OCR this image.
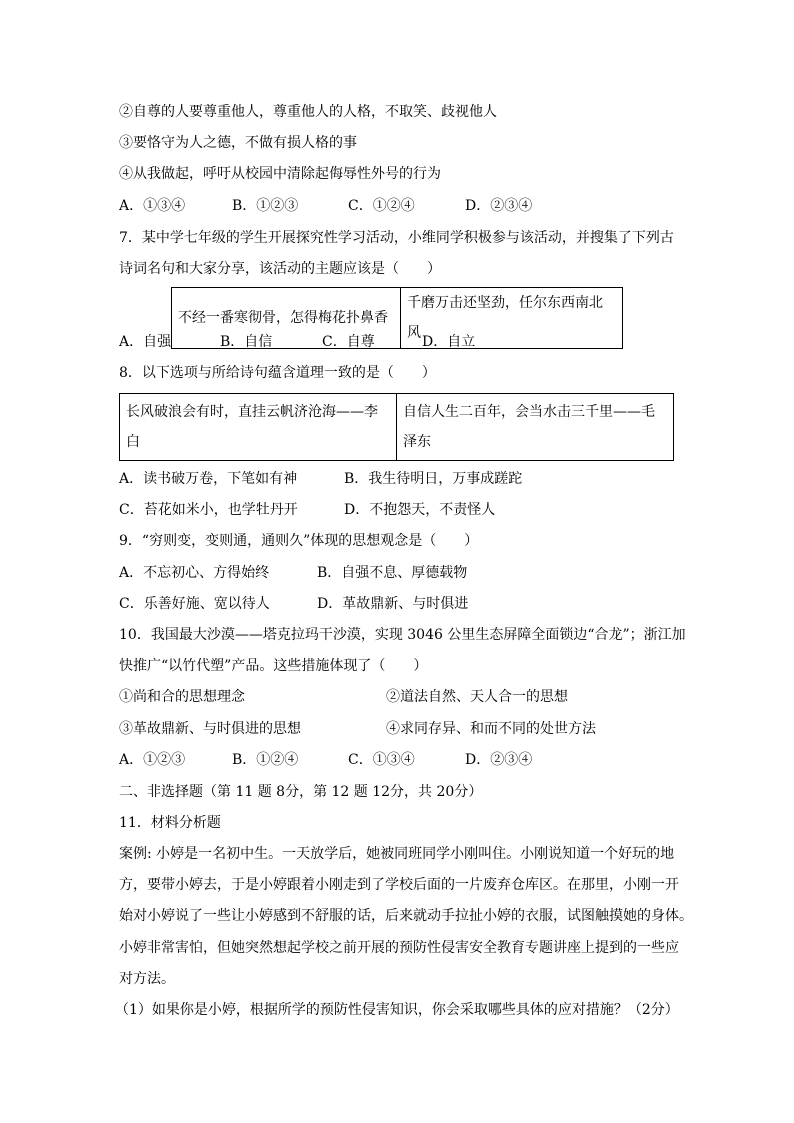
②自尊的人要尊重他人，尊重他人的人格，不取笑、歧视他人
③要恪守为人之德，不做有损人格的事
④从我做起，呼吁从校园中清除起侮辱性外号的行为
A．①③④	B．①②③	C．①②④	D．②③④
7．某中学七年级的学生开展探究性学习活动，小维同学积极参与该活动，并搜集了下列古
诗词名句和大家分享，该活动的主题应该是（　　）
不经一番寒彻骨，怎得梅花扑鼻香	千磨万击还坚劲，任尔东西南北风
A．自强	B．自信	C．自尊	D．自立
8．以下选项与所给诗句蕴含道理一致的是（　　）
长风破浪会有时，直挂云帆济沧海——李
白

自信人生二百年，会当水击三千里——毛
泽东
A．读书破万卷，下笔如有神	B．我生待明日，万事成蹉跎
C．苔花如米小，也学牡丹开	D．不抱怨天，不责怪人
9．“穷则变，变则通，通则久”体现的思想观念是（　　）
A．不忘初心、方得始终	B．自强不息、厚德载物
C．乐善好施、宽以待人	D．革故鼎新、与时俱进
10．我国最大沙漠——塔克拉玛干沙漠，实现 3046 公里生态屏障全面锁边“合龙”；浙江加
快推广“以竹代塑”产品。这些措施体现了（　　）
①尚和合的思想理念	②道法自然、天人合一的思想
③革故鼎新、与时俱进的思想	④求同存异、和而不同的处世方法
A．①②③	B．①②④	C．①③④	D．②③④
二、非选择题（第 11 题 8分，第 12 题 12分，共 20分）
11．材料分析题
案例: 小婷是一名初中生。一天放学后，她被同班同学小刚叫住。小刚说知道一个好玩的地
方，要带小婷去，于是小婷跟着小刚走到了学校后面的一片废弃仓库区。在那里，小刚一开
始对小婷说了一些让小婷感到不舒服的话，后来就动手拉扯小婷的衣服，试图触摸她的身体。
小婷非常害怕，但她突然想起学校之前开展的预防性侵害安全教育专题讲座上提到的一些应
对方法。
（1）如果你是小婷，根据所学的预防性侵害知识，你会采取哪些具体的应对措施？（2分）
